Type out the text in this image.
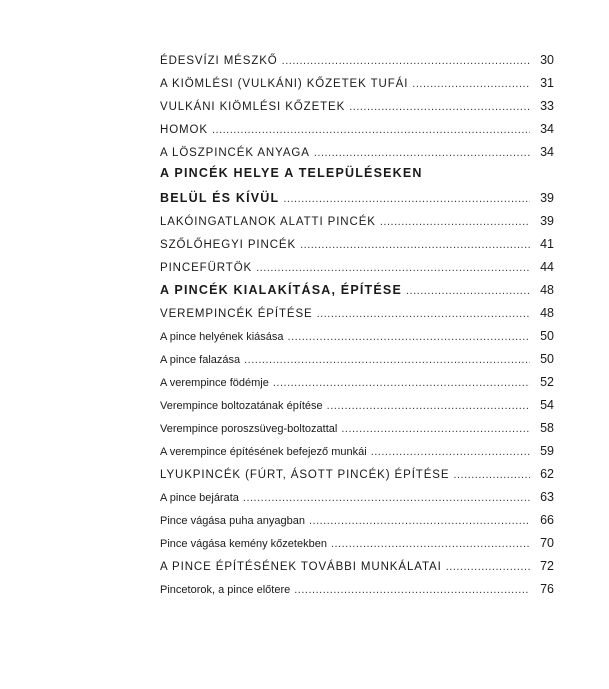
ÉDESVÍZI MÉSZKŐ .....	30
A KIÖMLÉSI (VULKÁNI) KŐZETEK TUFÁI .....	31
VULKÁNI KIÖMLÉSI KŐZETEK .....	33
HOMOK .....	34
A LÖSZPINCÉK ANYAGA .....	34
A PINCÉK HELYE A TELEPÜLÉSEKEN
BELÜL ÉS KÍVÜL .....	39
LAKÓINGATLANOK ALATTI PINCÉK .....	39
SZŐLŐHEGYI PINCÉK .....	41
PINCEFÜRTÖK .....	44
A PINCÉK KIALAKÍTÁSA, ÉPÍTÉSE .....	48
VEREMPINCÉK ÉPÍTÉSE .....	48
A pince helyének kiásása .....	50
A pince falazása .....	50
A verempince födémje .....	52
Verempince boltozatának építése .....	54
Verempince poroszsüveg-boltozattal .....	58
A verempince építésének befejező munkái .....	59
LYUKPINCÉK (FÚRT, ÁSOTT PINCÉK) ÉPÍTÉSE .....	62
A pince bejárata .....	63
Pince vágása puha anyagban .....	66
Pince vágása kemény kőzetekben .....	70
A PINCE ÉPÍTÉSÉNEK TOVÁBBI MUNKÁLATAI .....	72
Pincetorok, a pince előtere .....	76
